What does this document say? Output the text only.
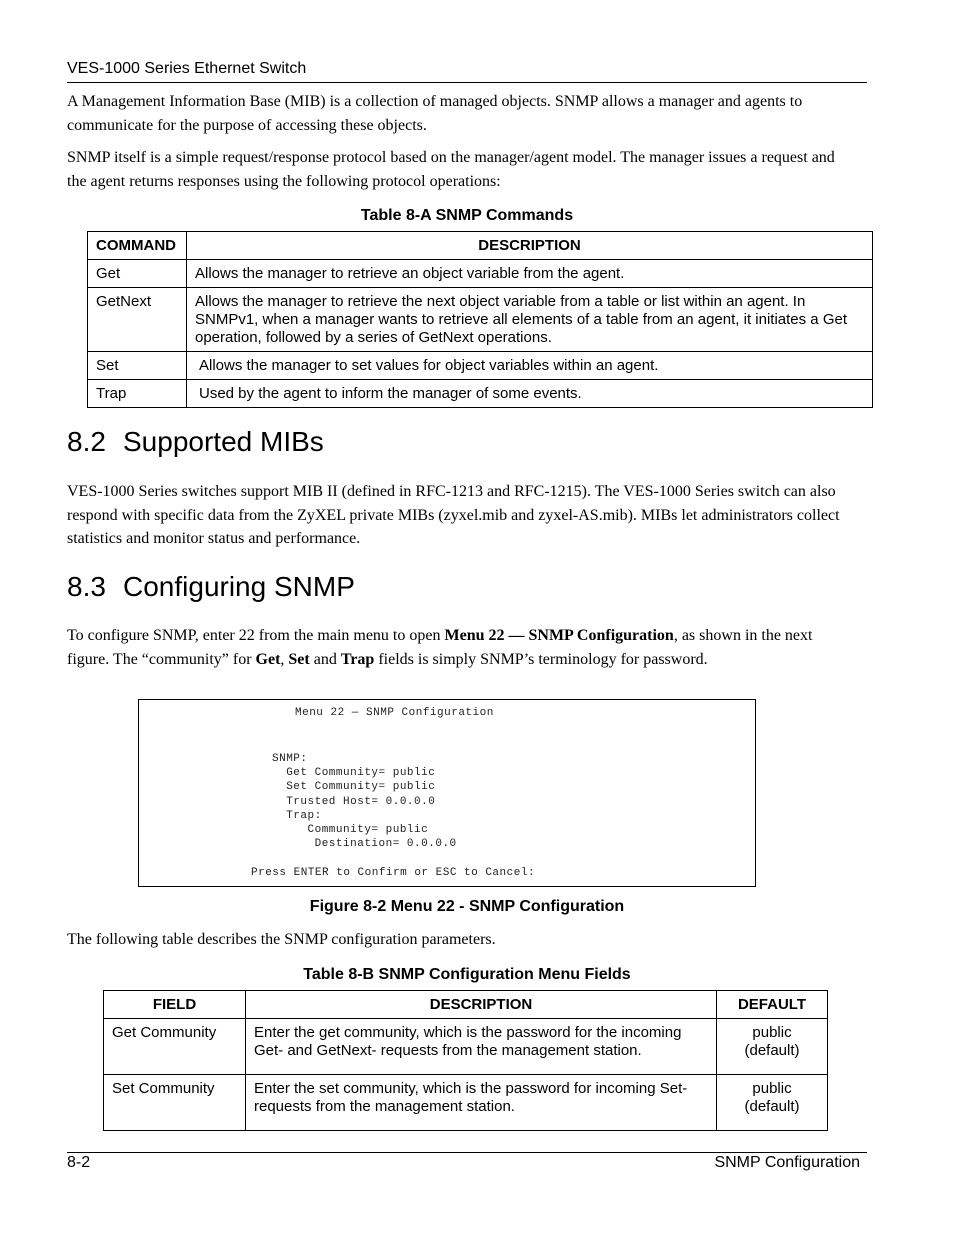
VES-1000 Series Ethernet Switch
A Management Information Base (MIB) is a collection of managed objects. SNMP allows a manager and agents to communicate for the purpose of accessing these objects.
SNMP itself is a simple request/response protocol based on the manager/agent model. The manager issues a request and the agent returns responses using the following protocol operations:
Table 8-A SNMP Commands
COMMAND	DESCRIPTION
Get	Allows the manager to retrieve an object variable from the agent.
GetNext	Allows the manager to retrieve the next object variable from a table or list within an agent. In SNMPv1, when a manager wants to retrieve all elements of a table from an agent, it initiates a Get operation, followed by a series of GetNext operations.
Set	Allows the manager to set values for object variables within an agent.
Trap	Used by the agent to inform the manager of some events.
8.2 Supported MIBs
VES-1000 Series switches support MIB II (defined in RFC-1213 and RFC-1215). The VES-1000 Series switch can also respond with specific data from the ZyXEL private MIBs (zyxel.mib and zyxel-AS.mib). MIBs let administrators collect statistics and monitor status and performance.
8.3 Configuring SNMP
To configure SNMP, enter 22 from the main menu to open Menu 22 — SNMP Configuration, as shown in the next figure. The “community” for Get, Set and Trap fields is simply SNMP’s terminology for password.
Menu 22 — SNMP Configuration
SNMP:
Get Community= public
Set Community= public
Trusted Host= 0.0.0.0
Trap:
Community= public
Destination= 0.0.0.0
Press ENTER to Confirm or ESC to Cancel:
Figure 8-2 Menu 22 - SNMP Configuration
The following table describes the SNMP configuration parameters.
Table 8-B SNMP Configuration Menu Fields
FIELD	DESCRIPTION	DEFAULT
Get Community	Enter the get community, which is the password for the incoming Get- and GetNext- requests from the management station.	public (default)
Set Community	Enter the set community, which is the password for incoming Set- requests from the management station.	public (default)
8-2	SNMP Configuration
